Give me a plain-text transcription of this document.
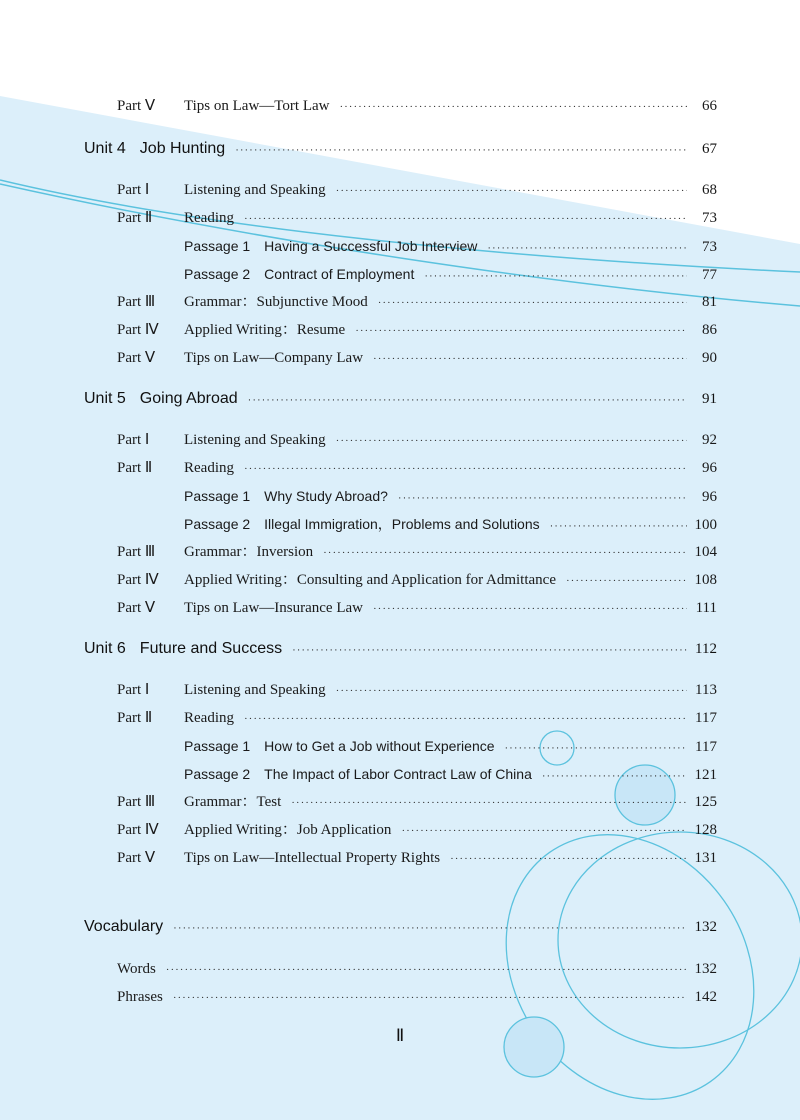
Part Ⅴ	Tips on Law—Tort Law ·····	66
Unit 4 Job Hunting ·····	67
Part Ⅰ	Listening and Speaking ·····	68
Part Ⅱ	Reading ·····	73
Passage 1 Having a Successful Job Interview ·····	73
Passage 2 Contract of Employment ·····	77
Part Ⅲ	Grammar：Subjunctive Mood ·····	81
Part Ⅳ	Applied Writing：Resume ·····	86
Part Ⅴ	Tips on Law—Company Law ·····	90
Unit 5 Going Abroad ·····	91
Part Ⅰ	Listening and Speaking ·····	92
Part Ⅱ	Reading ·····	96
Passage 1 Why Study Abroad? ·····	96
Passage 2 Illegal Immigration，Problems and Solutions ·····	100
Part Ⅲ	Grammar：Inversion ·····	104
Part Ⅳ	Applied Writing：Consulting and Application for Admittance ·····	108
Part Ⅴ	Tips on Law—Insurance Law ·····	111
Unit 6 Future and Success ·····	112
Part Ⅰ	Listening and Speaking ·····	113
Part Ⅱ	Reading ·····	117
Passage 1 How to Get a Job without Experience ·····	117
Passage 2 The Impact of Labor Contract Law of China ·····	121
Part Ⅲ	Grammar：Test ·····	125
Part Ⅳ	Applied Writing：Job Application ·····	128
Part Ⅴ	Tips on Law—Intellectual Property Rights ·····	131
Vocabulary ·····	132
Words ·····	132
Phrases ·····	142
Ⅱ
